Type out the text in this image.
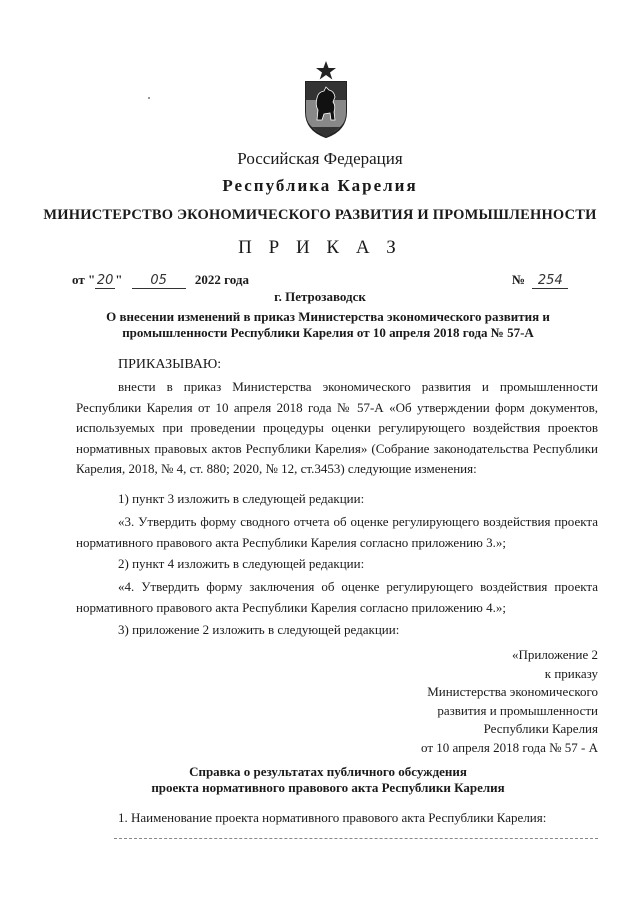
Российская Федерация
Республика Карелия
МИНИСТЕРСТВО ЭКОНОМИЧЕСКОГО РАЗВИТИЯ И ПРОМЫШЛЕННОСТИ
П Р И К А З
от " 20 " 05 2022 года	№ 254
г. Петрозаводск
О внесении изменений в приказ Министерства экономического развития и промышленности Республики Карелия от 10 апреля 2018 года № 57-А
ПРИКАЗЫВАЮ:
внести в приказ Министерства экономического развития и промышленности Республики Карелия от 10 апреля 2018 года № 57-А «Об утверждении форм документов, используемых при проведении процедуры оценки регулирующего воздействия проектов нормативных правовых актов Республики Карелия» (Собрание законодательства Республики Карелия, 2018, № 4, ст. 880; 2020, № 12, ст.3453) следующие изменения:
1) пункт 3 изложить в следующей редакции:
«3. Утвердить форму сводного отчета об оценке регулирующего воздействия проекта нормативного правового акта Республики Карелия согласно приложению 3.»;
2) пункт 4 изложить в следующей редакции:
«4. Утвердить форму заключения об оценке регулирующего воздействия проекта нормативного правового акта Республики Карелия согласно приложению 4.»;
3) приложение 2 изложить в следующей редакции:
«Приложение 2
к приказу
Министерства экономического
развития и промышленности
Республики Карелия
от 10 апреля 2018 года № 57 - А
Справка о результатах публичного обсуждения
проекта нормативного правового акта Республики Карелия
1. Наименование проекта нормативного правового акта Республики Карелия:
